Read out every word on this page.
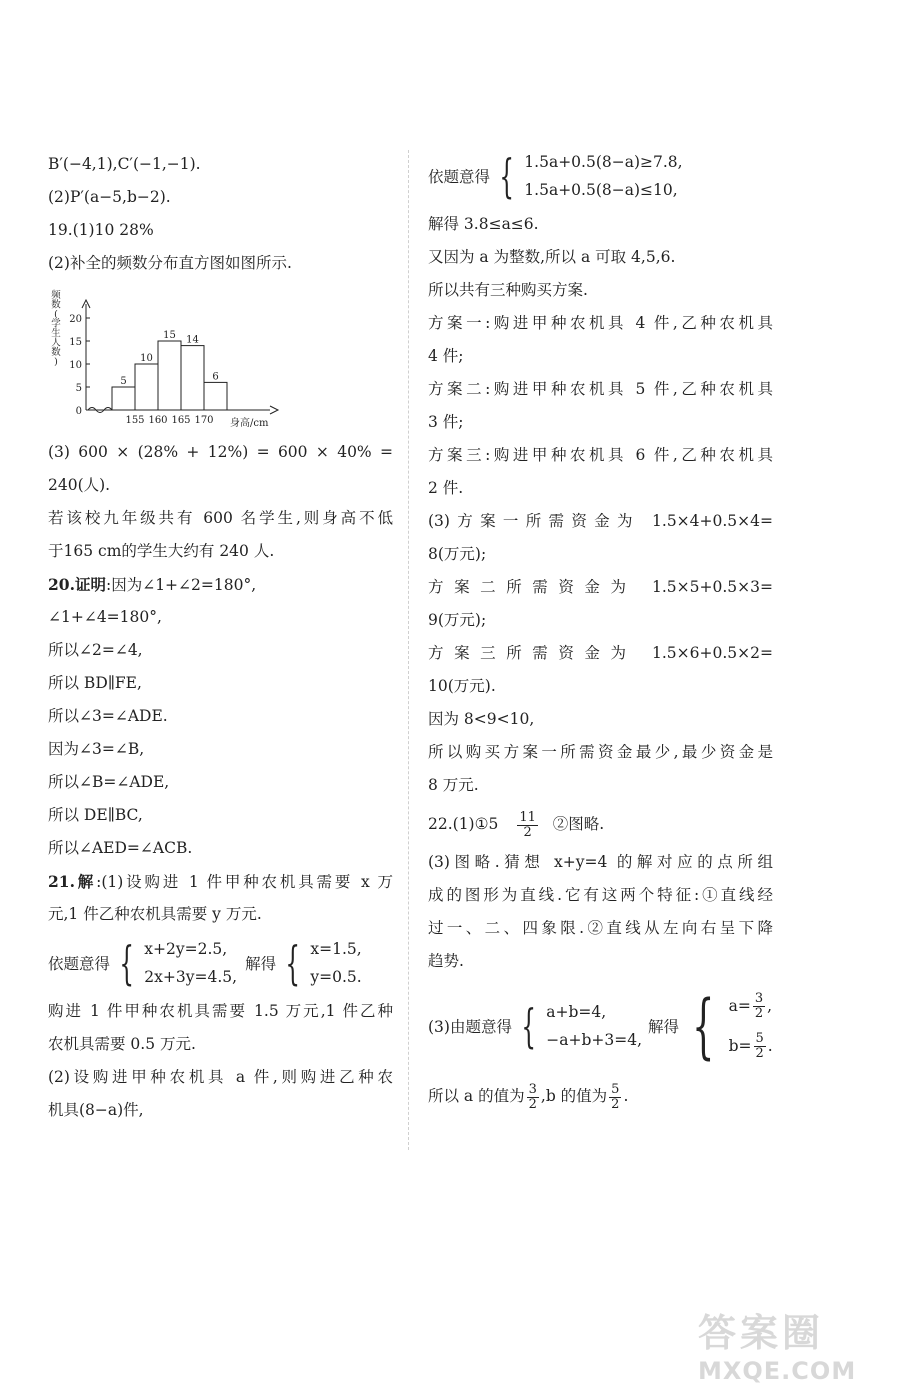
B′(−4,1),C′(−1,−1).
(2)P′(a−5,b−2).
19.(1)10 28%
(2)补全的频数分布直方图如图所示.
0
5
10
15
20
频
数
(
学
生
人
数
)
5
10
15 14
6
155 160 165 170 身高/cm
(3) 600 × (28% + 12%) = 600 × 40% =
240(人).
若该校九年级共有 600 名学生,则身高不低
于165 cm的学生大约有 240 人.
20.证明:因为∠1+∠2=180°,
∠1+∠4=180°,
所以∠2=∠4,
所以 BD∥FE,
所以∠3=∠ADE.
因为∠3=∠B,
所以∠B=∠ADE,
所以 DE∥BC,
所以∠AED=∠ACB.
21.解:(1)设购进 1 件甲种农机具需要 x 万
元,1 件乙种农机具需要 y 万元.
依题意得 { x+2y=2.5,
2x+3y=4.5,
解得 { x=1.5,
y=0.5.
购进 1 件甲种农机具需要 1.5 万元,1 件乙种
农机具需要 0.5 万元.
(2)设购进甲种农机具 a 件,则购进乙种农
机具(8−a)件,
依题意得 { 1.5a+0.5(8−a)≥7.8,
1.5a+0.5(8−a)≤10,
解得 3.8≤a≤6.
又因为 a 为整数,所以 a 可取 4,5,6.
所以共有三种购买方案.
方案一:购进甲种农机具 4 件,乙种农机具
4 件;
方案二:购进甲种农机具 5 件,乙种农机具
3 件;
方案三:购进甲种农机具 6 件,乙种农机具
2 件.
(3)方案一所需资金为 1.5×4+0.5×4=
8(万元);
方案二所需资金为 1.5×5+0.5×3=
9(万元);
方案三所需资金为 1.5×6+0.5×2=
10(万元).
因为 8<9<10,
所以购买方案一所需资金最少,最少资金是
8 万元.
22.(1)①5 $\frac{11}{2}$ ②图略.
(3)图略.猜想 x+y=4 的解对应的点所组
成的图形为直线.它有这两个特征:①直线经
过一、二、四象限.②直线从左向右呈下降
趋势.
(3)由题意得 { a+b=4,
−a+b+3=4,
解得 { $a= \frac{3}{2}$ ,
$b= \frac{5}{2}$ .
所以 a 的值为 $\frac{3}{2} ,b$ 的值为 $\frac{5}{2}$ .
答案圈
MXQE.COM
